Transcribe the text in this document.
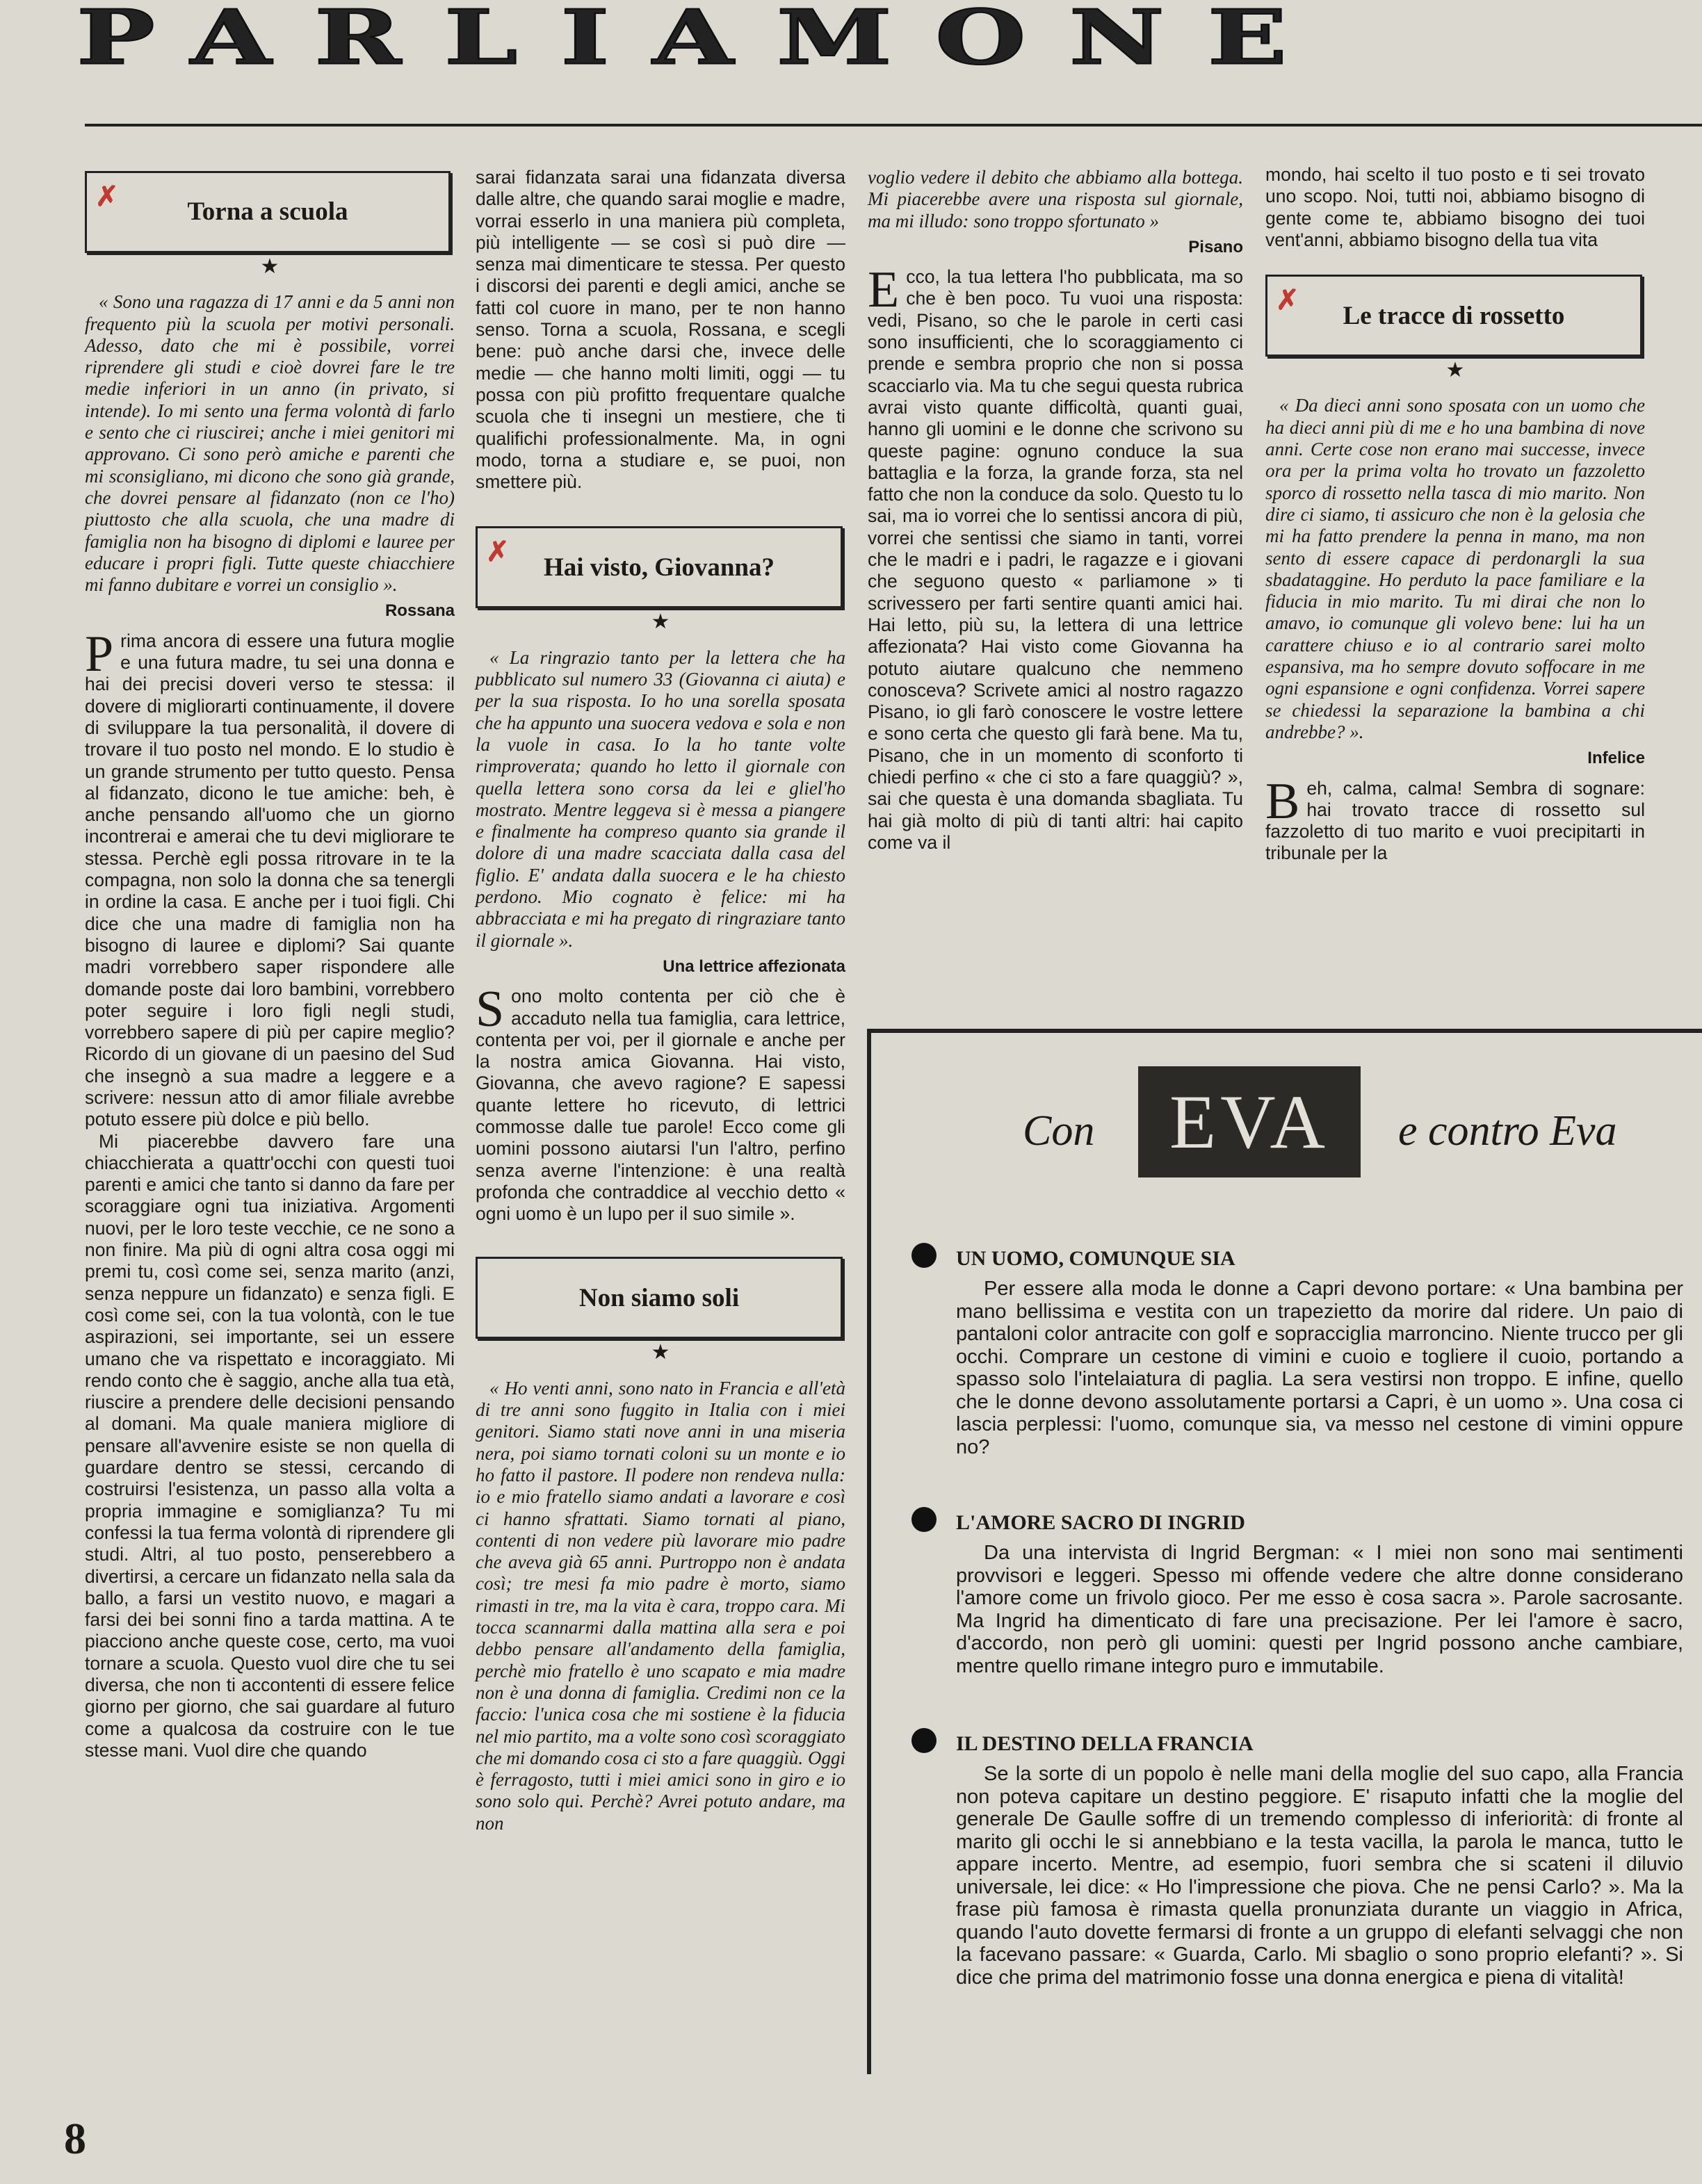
PARLIAMONE
✗	Torna a scuola
★

« Sono una ragazza di 17 anni e da 5 anni non frequento più la scuola per motivi personali. Adesso, dato che mi è possibile, vorrei riprendere gli studi e cioè dovrei fare le tre medie inferiori in un anno (in privato, si intende). Io mi sento una ferma volontà di farlo e sento che ci riuscirei; anche i miei genitori mi approvano. Ci sono però amiche e parenti che mi sconsigliano, mi dicono che sono già grande, che dovrei pensare al fidanzato (non ce l'ho) piuttosto che alla scuola, che una madre di famiglia non ha bisogno di diplomi e lauree per educare i propri figli. Tutte queste chiacchiere mi fanno dubitare e vorrei un consiglio ».

Rossana

Prima ancora di essere una futura moglie e una futura madre, tu sei una donna e hai dei precisi doveri verso te stessa: il dovere di migliorarti continuamente, il dovere di sviluppare la tua personalità, il dovere di trovare il tuo posto nel mondo. E lo studio è un grande strumento per tutto questo. Pensa al fidanzato, dicono le tue amiche: beh, è anche pensando all'uomo che un giorno incontrerai e amerai che tu devi migliorare te stessa. Perchè egli possa ritrovare in te la compagna, non solo la donna che sa tenergli in ordine la casa. E anche per i tuoi figli. Chi dice che una madre di famiglia non ha bisogno di lauree e diplomi? Sai quante madri vorrebbero saper rispondere alle domande poste dai loro bambini, vorrebbero poter seguire i loro figli negli studi, vorrebbero sapere di più per capire meglio? Ricordo di un giovane di un paesino del Sud che insegnò a sua madre a leggere e a scrivere: nessun atto di amor filiale avrebbe potuto essere più dolce e più bello.

Mi piacerebbe davvero fare una chiacchierata a quattr'occhi con questi tuoi parenti e amici che tanto si danno da fare per scoraggiare ogni tua iniziativa. Argomenti nuovi, per le loro teste vecchie, ce ne sono a non finire. Ma più di ogni altra cosa oggi mi premi tu, così come sei, senza marito (anzi, senza neppure un fidanzato) e senza figli. E così come sei, con la tua volontà, con le tue aspirazioni, sei importante, sei un essere umano che va rispettato e incoraggiato. Mi rendo conto che è saggio, anche alla tua età, riuscire a prendere delle decisioni pensando al domani. Ma quale maniera migliore di pensare all'avvenire esiste se non quella di guardare dentro se stessi, cercando di costruirsi l'esistenza, un passo alla volta a propria immagine e somiglianza? Tu mi confessi la tua ferma volontà di riprendere gli studi. Altri, al tuo posto, penserebbero a divertirsi, a cercare un fidanzato nella sala da ballo, a farsi un vestito nuovo, e magari a farsi dei bei sonni fino a tarda mattina. A te piacciono anche queste cose, certo, ma vuoi tornare a scuola. Questo vuol dire che tu sei diversa, che non ti accontenti di essere felice giorno per giorno, che sai guardare al futuro come a qualcosa da costruire con le tue stesse mani. Vuol dire che quando

sarai fidanzata sarai una fidanzata diversa dalle altre, che quando sarai moglie e madre, vorrai esserlo in una maniera più completa, più intelligente — se così si può dire — senza mai dimenticare te stessa. Per questo i discorsi dei parenti e degli amici, anche se fatti col cuore in mano, per te non hanno senso. Torna a scuola, Rossana, e scegli bene: può anche darsi che, invece delle medie — che hanno molti limiti, oggi — tu possa con più profitto frequentare qualche scuola che ti insegni un mestiere, che ti qualifichi professionalmente. Ma, in ogni modo, torna a studiare e, se puoi, non smettere più.

✗ Hai visto, Giovanna?
★

« La ringrazio tanto per la lettera che ha pubblicato sul numero 33 (Giovanna ci aiuta) e per la sua risposta. Io ho una sorella sposata che ha appunto una suocera vedova e sola e non la vuole in casa. Io la ho tante volte rimproverata; quando ho letto il giornale con quella lettera sono corsa da lei e gliel'ho mostrato. Mentre leggeva si è messa a piangere e finalmente ha compreso quanto sia grande il dolore di una madre scacciata dalla casa del figlio. E' andata dalla suocera e le ha chiesto perdono. Mio cognato è felice: mi ha abbracciata e mi ha pregato di ringraziare tanto il giornale ».

Una lettrice affezionata

Sono molto contenta per ciò che è accaduto nella tua famiglia, cara lettrice, contenta per voi, per il giornale e anche per la nostra amica Giovanna. Hai visto, Giovanna, che avevo ragione? E sapessi quante lettere ho ricevuto, di lettrici commosse dalle tue parole! Ecco come gli uomini possono aiutarsi l'un l'altro, perfino senza averne l'intenzione: è una realtà profonda che contraddice al vecchio detto « ogni uomo è un lupo per il suo simile ».

Non siamo soli
★

« Ho venti anni, sono nato in Francia e all'età di tre anni sono fuggito in Italia con i miei genitori. Siamo stati nove anni in una miseria nera, poi siamo tornati coloni su un monte e io ho fatto il pastore. Il podere non rendeva nulla: io e mio fratello siamo andati a lavorare e così ci hanno sfrattati. Siamo tornati al piano, contenti di non vedere più lavorare mio padre che aveva già 65 anni. Purtroppo non è andata così; tre mesi fa mio padre è morto, siamo rimasti in tre, ma la vita è cara, troppo cara. Mi tocca scannarmi dalla mattina alla sera e poi debbo pensare all'andamento della famiglia, perchè mio fratello è uno scapato e mia madre non è una donna di famiglia. Credimi non ce la faccio: l'unica cosa che mi sostiene è la fiducia nel mio partito, ma a volte sono così scoraggiato che mi domando cosa ci sto a fare quaggiù. Oggi è ferragosto, tutti i miei amici sono in giro e io sono solo qui. Perchè? Avrei potuto andare, ma non

voglio vedere il debito che abbiamo alla bottega. Mi piacerebbe avere una risposta sul giornale, ma mi illudo: sono troppo sfortunato »

Pisano

Ecco, la tua lettera l'ho pubblicata, ma so che è ben poco. Tu vuoi una risposta: vedi, Pisano, so che le parole in certi casi sono insufficienti, che lo scoraggiamento ci prende e sembra proprio che non si possa scacciarlo via. Ma tu che segui questa rubrica avrai visto quante difficoltà, quanti guai, hanno gli uomini e le donne che scrivono su queste pagine: ognuno conduce la sua battaglia e la forza, la grande forza, sta nel fatto che non la conduce da solo. Questo tu lo sai, ma io vorrei che lo sentissi ancora di più, vorrei che sentissi che siamo in tanti, vorrei che le madri e i padri, le ragazze e i giovani che seguono questo « parliamone » ti scrivessero per farti sentire quanti amici hai. Hai letto, più su, la lettera di una lettrice affezionata? Hai visto come Giovanna ha potuto aiutare qualcuno che nemmeno conosceva? Scrivete amici al nostro ragazzo Pisano, io gli farò conoscere le vostre lettere e sono certa che questo gli farà bene. Ma tu, Pisano, che in un momento di sconforto ti chiedi perfino « che ci sto a fare quaggiù? », sai che questa è una domanda sbagliata. Tu hai già molto di più di tanti altri: hai capito come va il

mondo, hai scelto il tuo posto e ti sei trovato uno scopo. Noi, tutti noi, abbiamo bisogno di gente come te, abbiamo bisogno dei tuoi vent'anni, abbiamo bisogno della tua vita

✗ Le tracce di rossetto
★

« Da dieci anni sono sposata con un uomo che ha dieci anni più di me e ho una bambina di nove anni. Certe cose non erano mai successe, invece ora per la prima volta ho trovato un fazzoletto sporco di rossetto nella tasca di mio marito. Non dire ci siamo, ti assicuro che non è la gelosia che mi ha fatto prendere la penna in mano, ma non sento di essere capace di perdonargli la sua sbadataggine. Ho perduto la pace familiare e la fiducia in mio marito. Tu mi dirai che non lo amavo, io comunque gli volevo bene: lui ha un carattere chiuso e io al contrario sarei molto espansiva, ma ho sempre dovuto soffocare in me ogni espansione e ogni confidenza. Vorrei sapere se chiedessi la separazione la bambina a chi andrebbe? ».

Infelice

Beh, calma, calma! Sembra di sognare: hai trovato tracce di rossetto sul fazzoletto di tuo marito e vuoi precipitarti in tribunale per la

Con EVA	e contro Eva
UN UOMO, COMUNQUE SIA

Per essere alla moda le donne a Capri devono portare: « Una bambina per mano bellissima e vestita con un trapezietto da morire dal ridere. Un paio di pantaloni color antracite con golf e sopracciglia marroncino. Niente trucco per gli occhi. Comprare un cestone di vimini e cuoio e togliere il cuoio, portando a spasso solo l'intelaiatura di paglia. La sera vestirsi non troppo. E infine, quello che le donne devono assolutamente portarsi a Capri, è un uomo ». Una cosa ci lascia perplessi: l'uomo, comunque sia, va messo nel cestone di vimini oppure no?

L'AMORE SACRO DI INGRID

Da una intervista di Ingrid Bergman: « I miei non sono mai sentimenti provvisori e leggeri. Spesso mi offende vedere che altre donne considerano l'amore come un frivolo gioco. Per me esso è cosa sacra ». Parole sacrosante. Ma Ingrid ha dimenticato di fare una precisazione. Per lei l'amore è sacro, d'accordo, non però gli uomini: questi per Ingrid possono anche cambiare, mentre quello rimane integro puro e immutabile.

IL DESTINO DELLA FRANCIA

Se la sorte di un popolo è nelle mani della moglie del suo capo, alla Francia non poteva capitare un destino peggiore. E' risaputo infatti che la moglie del generale De Gaulle soffre di un tremendo complesso di inferiorità: di fronte al marito gli occhi le si annebbiano e la testa vacilla, la parola le manca, tutto le appare incerto. Mentre, ad esempio, fuori sembra che si scateni il diluvio universale, lei dice: « Ho l'impressione che piova. Che ne pensi Carlo? ». Ma la frase più famosa è rimasta quella pronunziata durante un viaggio in Africa, quando l'auto dovette fermarsi di fronte a un gruppo di elefanti selvaggi che non la facevano passare: « Guarda, Carlo. Mi sbaglio o sono proprio elefanti? ». Si dice che prima del matrimonio fosse una donna energica e piena di vitalità!

8
